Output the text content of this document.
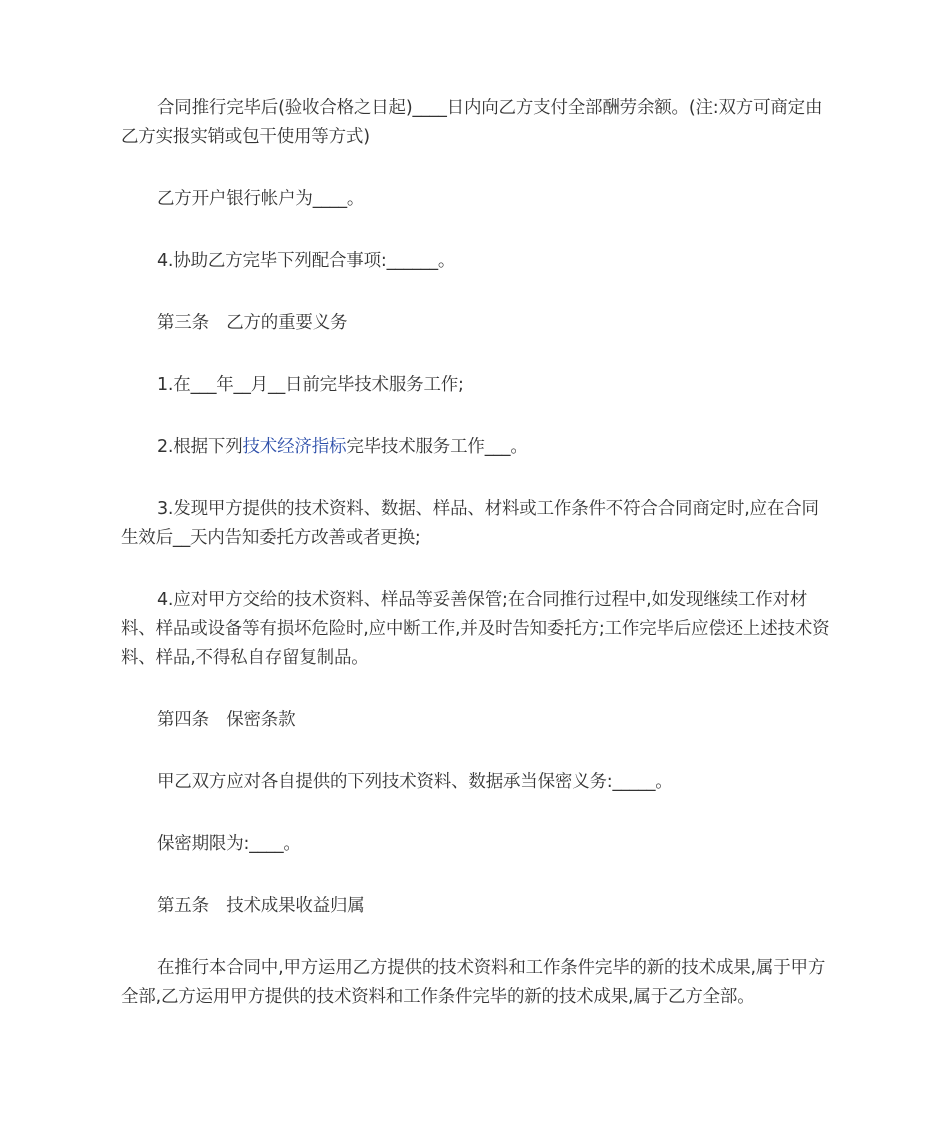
合同推行完毕后(验收合格之日起)____日内向乙方支付全部酬劳余额。(注:双方可商定由乙方实报实销或包干使用等方式)

乙方开户银行帐户为____。

4.协助乙方完毕下列配合事项:______。

第三条　乙方的重要义务

1.在___年__月__日前完毕技术服务工作;

2.根据下列技术经济指标完毕技术服务工作___。

3.发现甲方提供的技术资料、数据、样品、材料或工作条件不符合合同商定时,应在合同生效后__天内告知委托方改善或者更换;

4.应对甲方交给的技术资料、样品等妥善保管;在合同推行过程中,如发现继续工作对材料、样品或设备等有损坏危险时,应中断工作,并及时告知委托方;工作完毕后应偿还上述技术资料、样品,不得私自存留复制品。

第四条　保密条款

甲乙双方应对各自提供的下列技术资料、数据承当保密义务:_____。

保密期限为:____。

第五条　技术成果收益归属

在推行本合同中,甲方运用乙方提供的技术资料和工作条件完毕的新的技术成果,属于甲方全部,乙方运用甲方提供的技术资料和工作条件完毕的新的技术成果,属于乙方全部。
